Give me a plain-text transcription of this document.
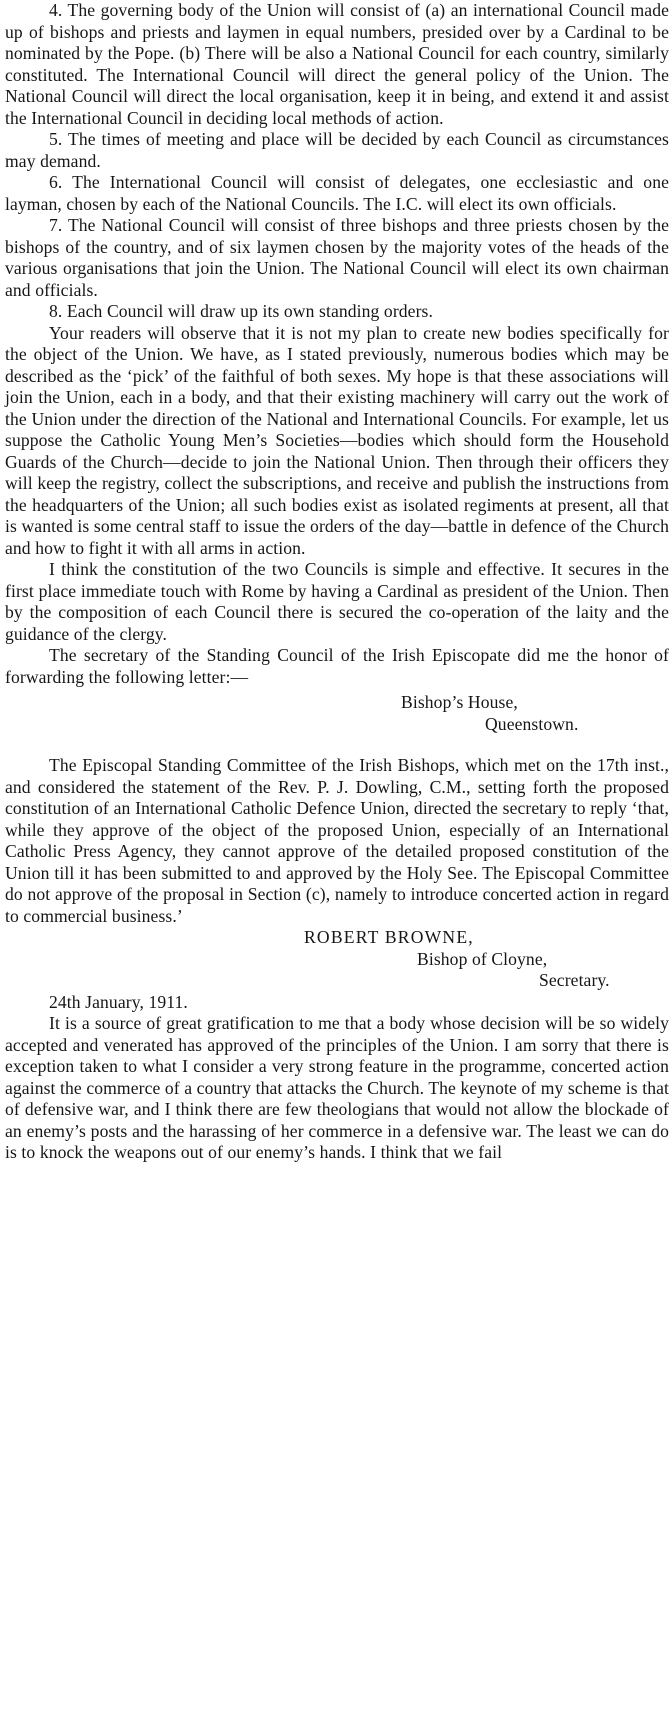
4. The governing body of the Union will consist of (a) an international Council made up of bishops and priests and laymen in equal numbers, presided over by a Cardinal to be nominated by the Pope. (b) There will be also a National Council for each country, similarly constituted. The International Council will direct the general policy of the Union. The National Council will direct the local organisation, keep it in being, and extend it and assist the International Council in deciding local methods of action.

5. The times of meeting and place will be decided by each Council as circumstances may demand.

6. The International Council will consist of delegates, one ecclesiastic and one layman, chosen by each of the National Councils. The I.C. will elect its own officials.

7. The National Council will consist of three bishops and three priests chosen by the bishops of the country, and of six laymen chosen by the majority votes of the heads of the various organisations that join the Union. The National Council will elect its own chairman and officials.

8. Each Council will draw up its own standing orders.

Your readers will observe that it is not my plan to create new bodies specifically for the object of the Union. We have, as I stated previously, numerous bodies which may be described as the ‘pick’ of the faithful of both sexes. My hope is that these associations will join the Union, each in a body, and that their existing machinery will carry out the work of the Union under the direction of the National and International Councils. For example, let us suppose the Catholic Young Men’s Societies—bodies which should form the Household Guards of the Church—decide to join the National Union. Then through their officers they will keep the registry, collect the subscriptions, and receive and publish the instructions from the headquarters of the Union; all such bodies exist as isolated regiments at present, all that is wanted is some central staff to issue the orders of the day—battle in defence of the Church and how to fight it with all arms in action.

I think the constitution of the two Councils is simple and effective. It secures in the first place immediate touch with Rome by having a Cardinal as president of the Union. Then by the composition of each Council there is secured the co-operation of the laity and the guidance of the clergy.

The secretary of the Standing Council of the Irish Episcopate did me the honor of forwarding the following letter:—

Bishop’s House,

Queenstown.

The Episcopal Standing Committee of the Irish Bishops, which met on the 17th inst., and considered the statement of the Rev. P. J. Dowling, C.M., setting forth the proposed constitution of an International Catholic Defence Union, directed the secretary to reply ‘that, while they approve of the object of the proposed Union, especially of an International Catholic Press Agency, they cannot approve of the detailed proposed constitution of the Union till it has been submitted to and approved by the Holy See. The Episcopal Committee do not approve of the proposal in Section (c), namely to introduce concerted action in regard to commercial business.’

ROBERT BROWNE,

Bishop of Cloyne,

Secretary.

24th January, 1911.

It is a source of great gratification to me that a body whose decision will be so widely accepted and venerated has approved of the principles of the Union. I am sorry that there is exception taken to what I consider a very strong feature in the programme, concerted action against the commerce of a country that attacks the Church. The keynote of my scheme is that of defensive war, and I think there are few theologians that would not allow the blockade of an enemy’s posts and the harassing of her commerce in a defensive war. The least we can do is to knock the weapons out of our enemy’s hands. I think that we fail
